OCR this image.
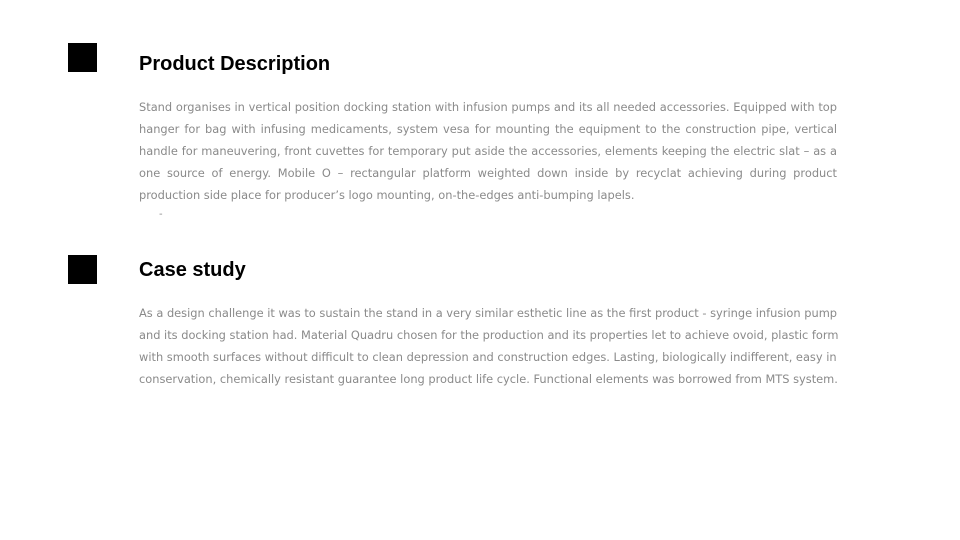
Product Description

Stand organises in vertical position docking station with infusion pumps and its all needed accessories. Equipped with top hanger for bag with infusing medicaments, system vesa for mounting the equipment to the construction pipe, vertical handle for maneuvering, front cuvettes for temporary put aside the accessories, elements keeping the electric slat – as a one source of energy. Mobile O – rectangular platform weighted down inside by recyclat achieving during product production side place for producer’s logo mounting, on-the-edges anti-bumping lapels.

-
Case study

As a design challenge it was to sustain the stand in a very similar esthetic line as the first product - syringe infusion pump and its docking station had. Material Quadru chosen for the production and its properties let to achieve ovoid, plastic form with smooth surfaces without difficult to clean depression and construction edges. Lasting, biologically indifferent, easy in conservation, chemically resistant guarantee long product life cycle. Functional elements was borrowed from MTS system.
